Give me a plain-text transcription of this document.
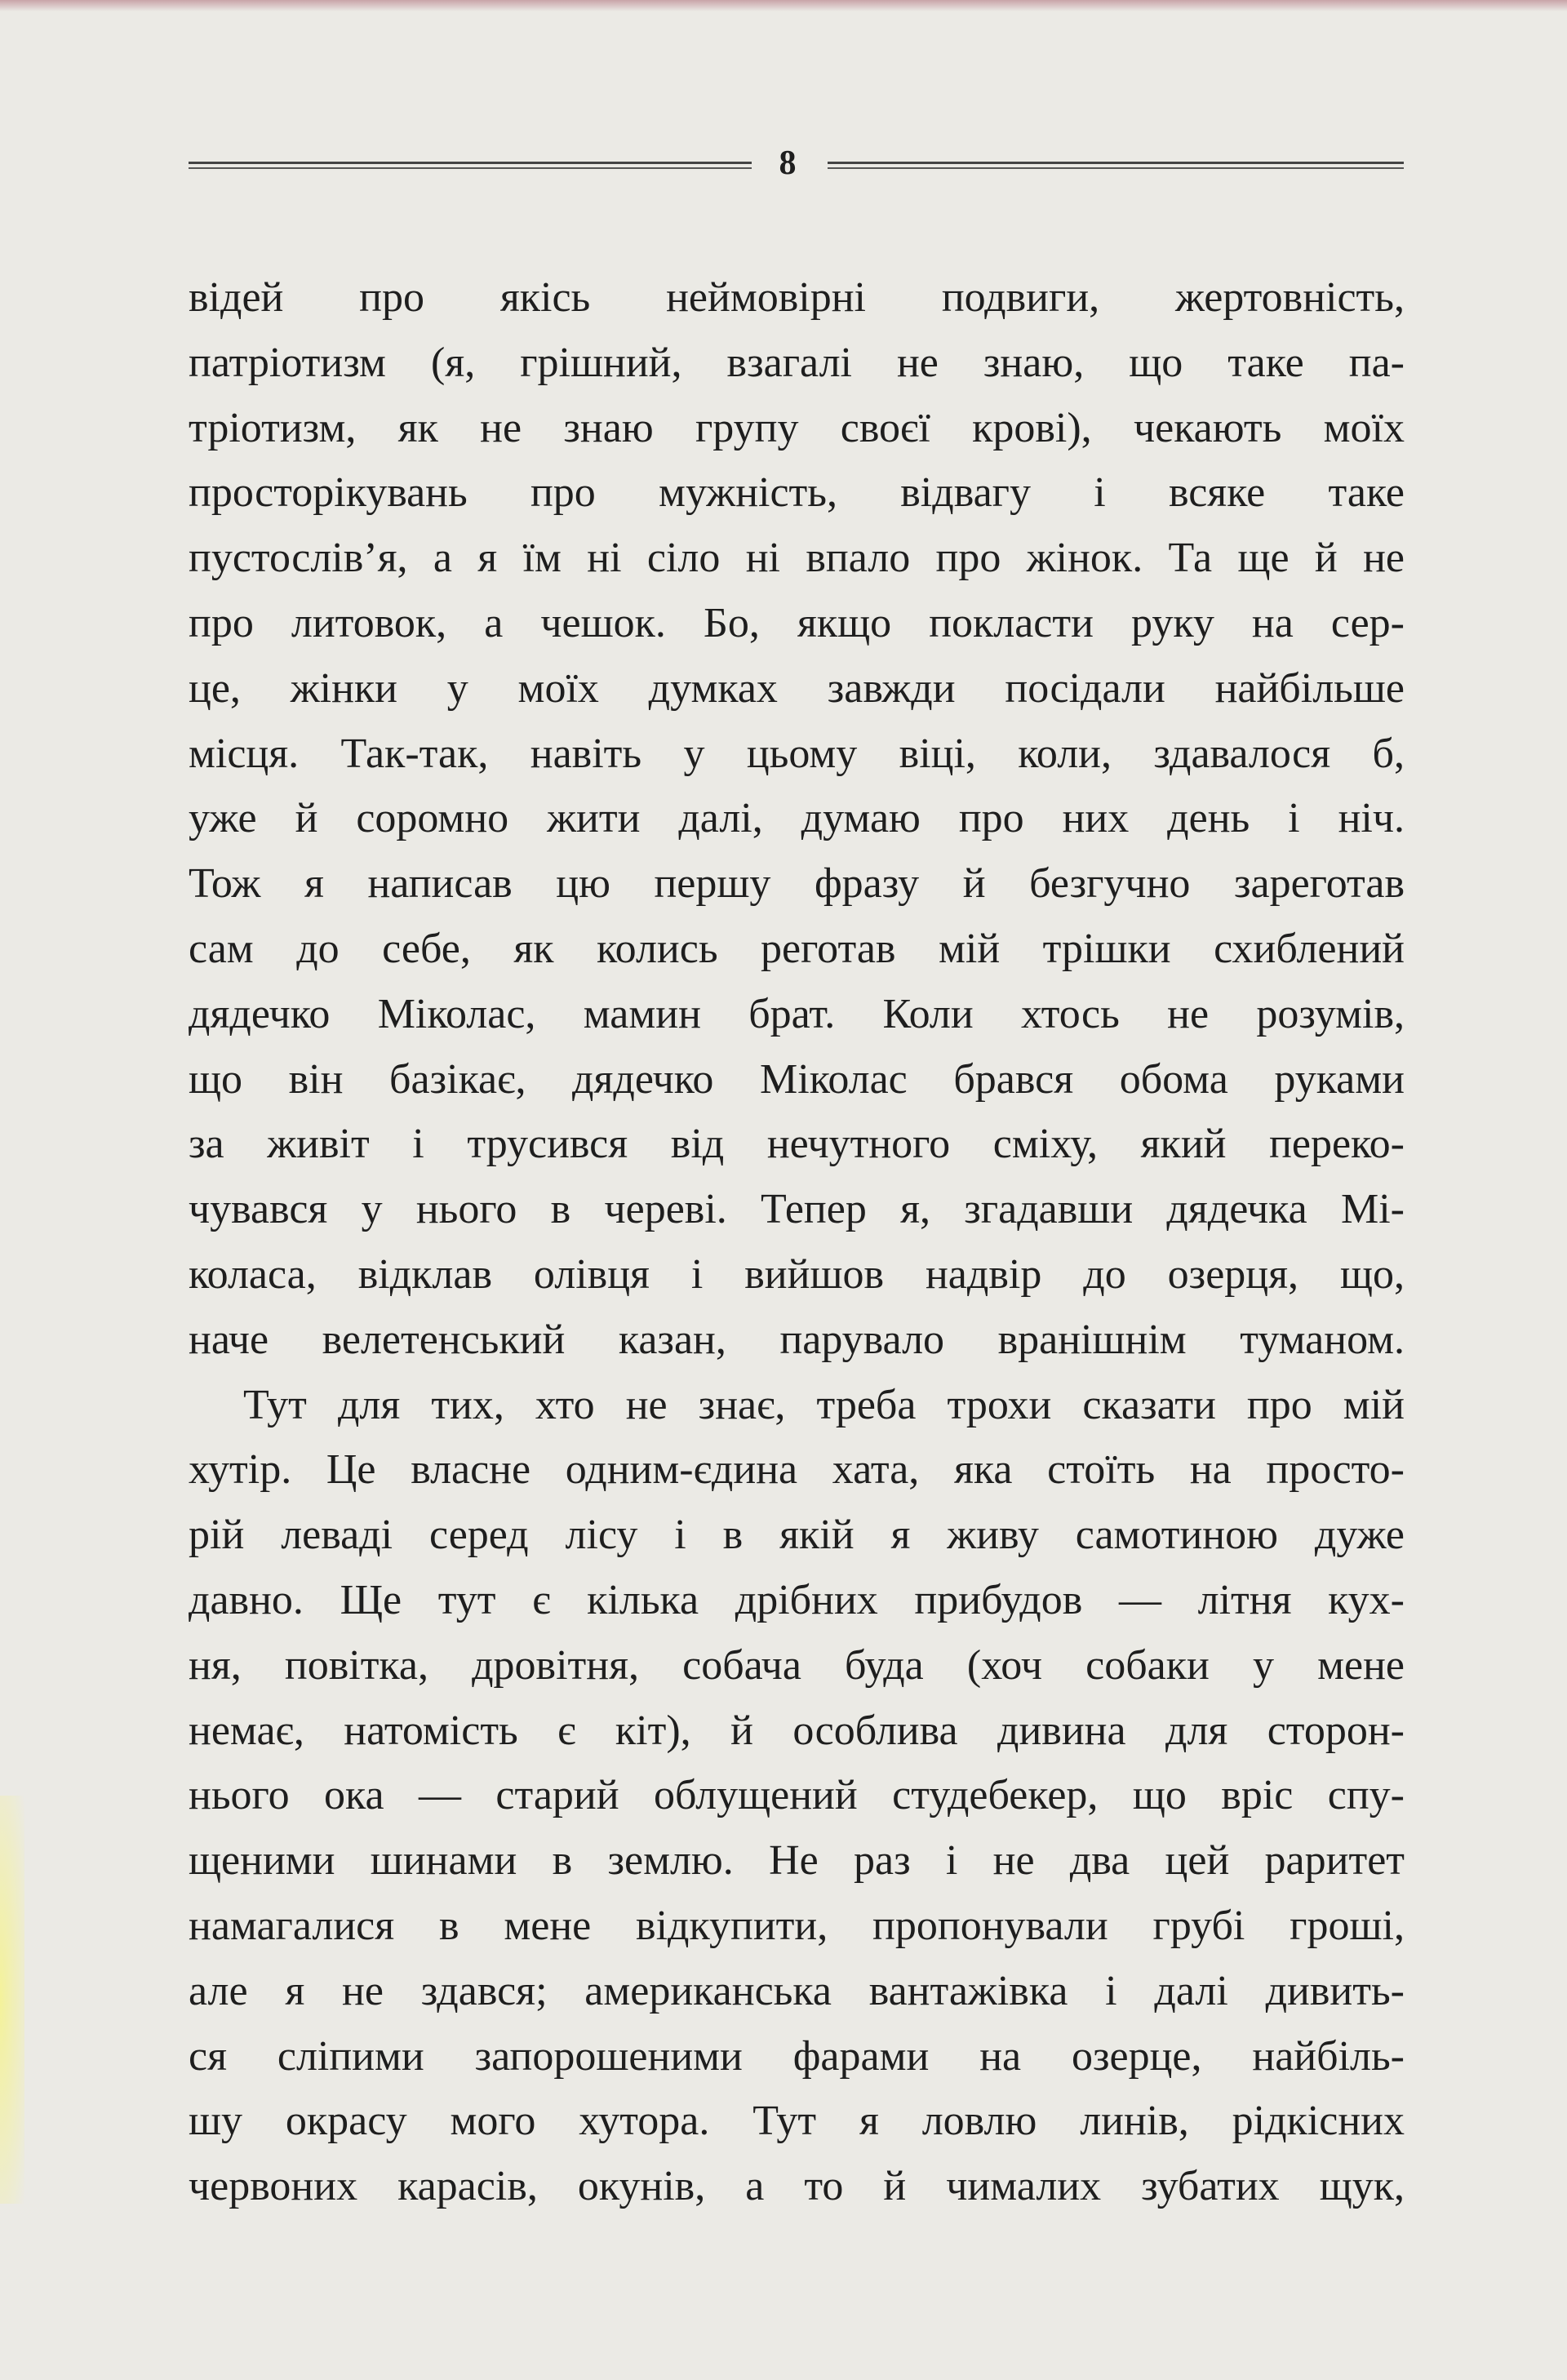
8
відей про якісь неймовірні подвиги, жертовність,
патріотизм (я, грішний, взагалі не знаю, що таке па-
тріотизм, як не знаю групу своєї крові), чекають моїх
просторікувань про мужність, відвагу і всяке таке
пустослів’я, а я їм ні сіло ні впало про жінок. Та ще й не
про литовок, а чешок. Бо, якщо покласти руку на сер-
це, жінки у моїх думках завжди посідали найбільше
місця. Так-так, навіть у цьому віці, коли, здавалося б,
уже й соромно жити далі, думаю про них день і ніч.
Тож я написав цю першу фразу й безгучно зареготав
сам до себе, як колись реготав мій трішки схиблений
дядечко Міколас, мамин брат. Коли хтось не розумів,
що він базікає, дядечко Міколас брався обома руками
за живіт і трусився від нечутного сміху, який переко-
чувався у нього в череві. Тепер я, згадавши дядечка Мі-
коласа, відклав олівця і вийшов надвір до озерця, що,
наче велетенський казан, парувало вранішнім туманом.
Тут для тих, хто не знає, треба трохи сказати про мій
хутір. Це власне одним-єдина хата, яка стоїть на просто-
рій леваді серед лісу і в якій я живу самотиною дуже
давно. Ще тут є кілька дрібних прибудов — літня кух-
ня, повітка, дровітня, собача буда (хоч собаки у мене
немає, натомість є кіт), й особлива дивина для сторон-
нього ока — старий облущений студебекер, що вріс спу-
щеними шинами в землю. Не раз і не два цей раритет
намагалися в мене відкупити, пропонували грубі гроші,
але я не здався; американська вантажівка і далі дивить-
ся сліпими запорошеними фарами на озерце, найбіль-
шу окрасу мого хутора. Тут я ловлю линів, рідкісних
червоних карасів, окунів, а то й чималих зубатих щук,
